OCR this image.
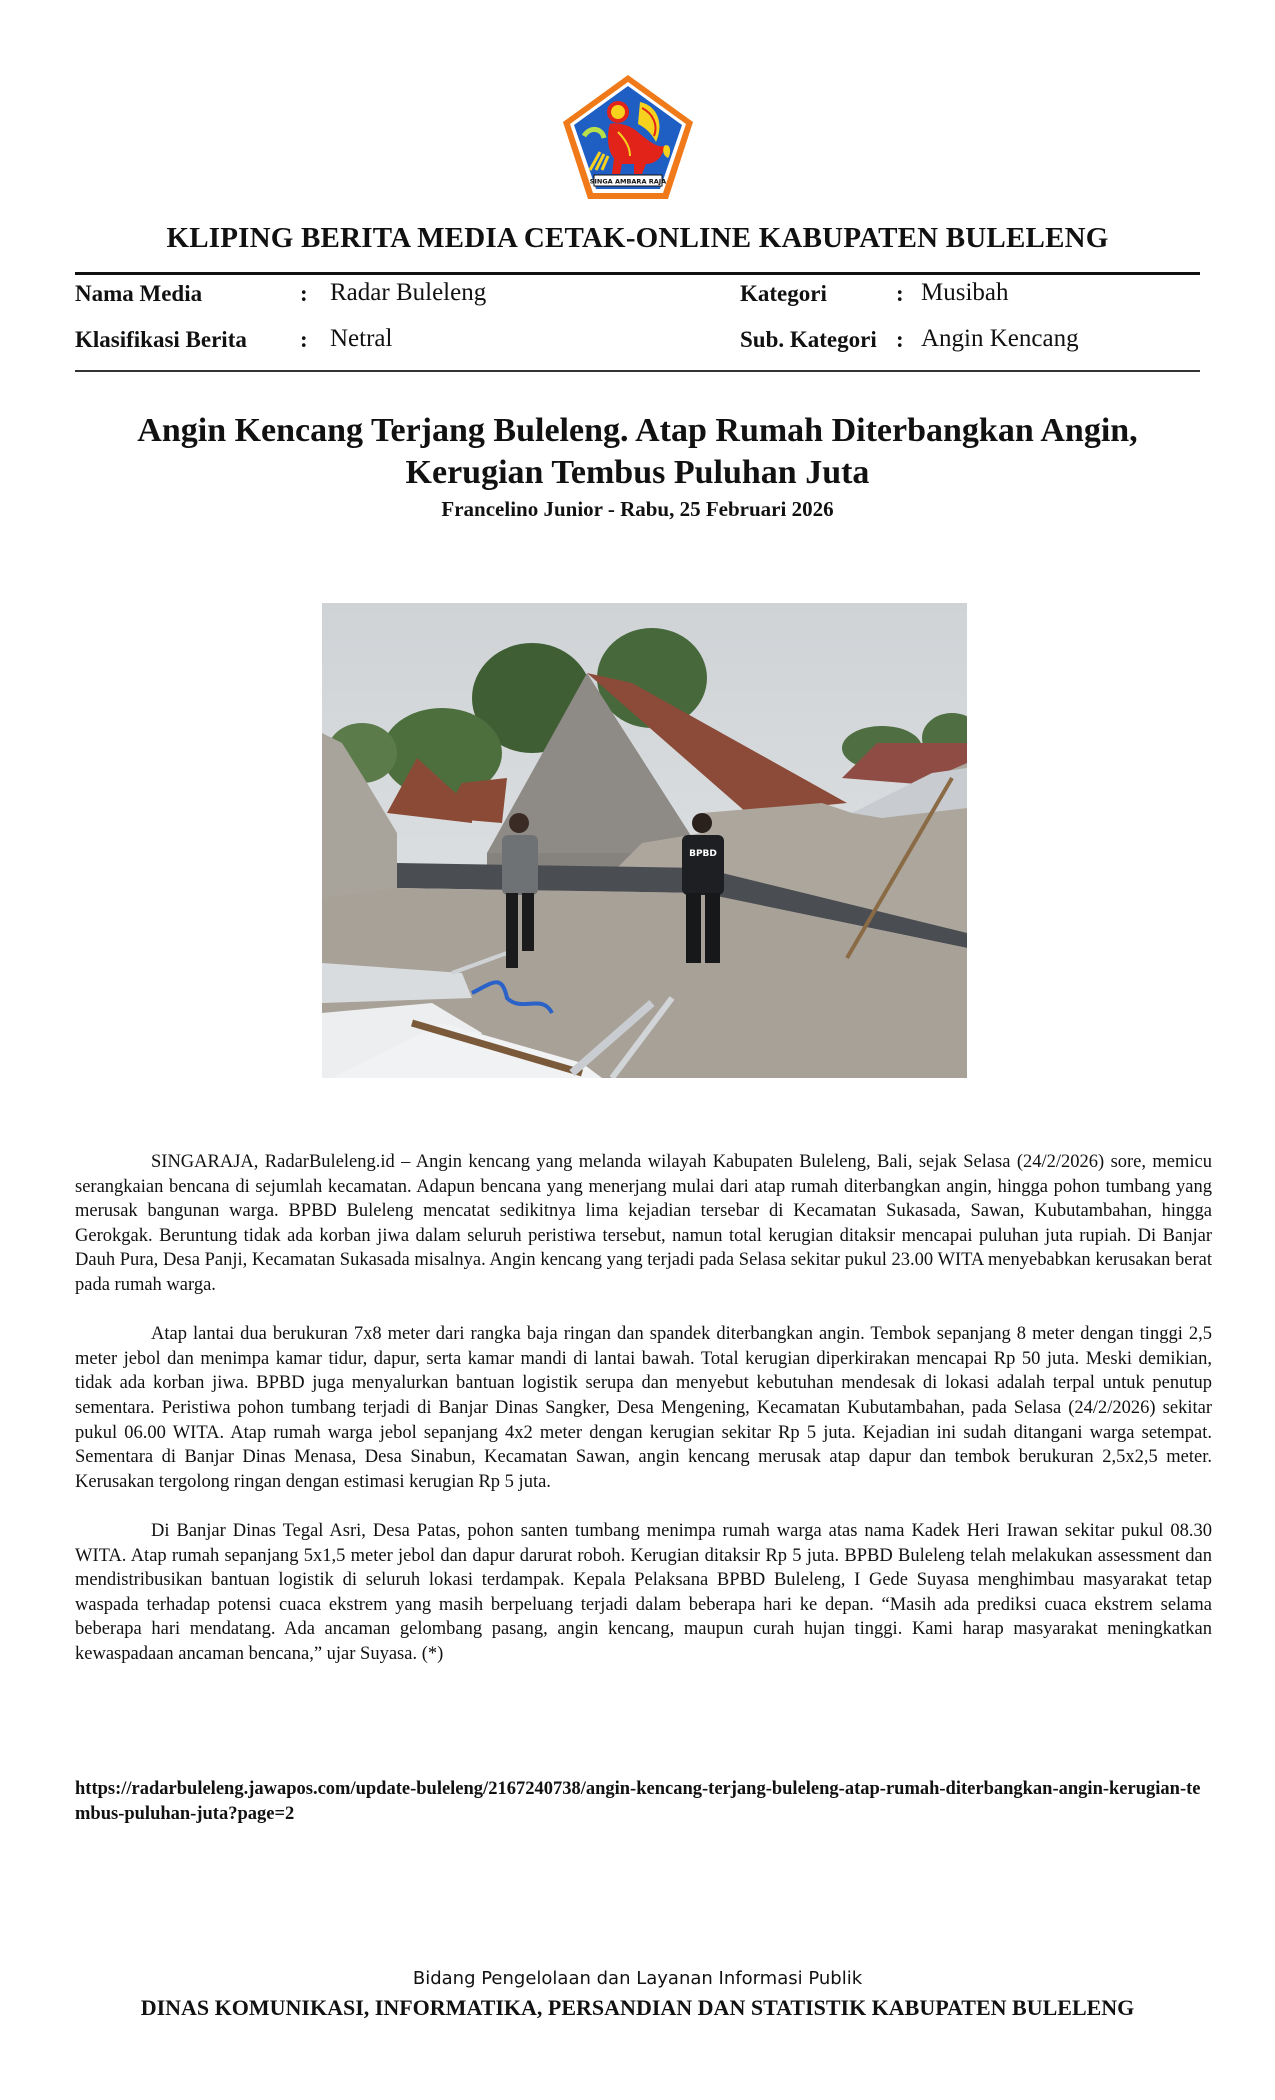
SINGA AMBARA RAJA
KLIPING BERITA MEDIA CETAK-ONLINE KABUPATEN BULELENG
Nama Media	: Radar Buleleng
Klasifikasi Berita : Netral
Kategori	: Musibah
Sub. Kategori : Angin Kencang
Angin Kencang Terjang Buleleng. Atap Rumah Diterbangkan Angin, Kerugian Tembus Puluhan Juta
Francelino Junior - Rabu, 25 Februari 2026
BPBD

SINGARAJA, RadarBuleleng.id – Angin kencang yang melanda wilayah Kabupaten Buleleng, Bali, sejak Selasa (24/2/2026) sore, memicu serangkaian bencana di sejumlah kecamatan. Adapun bencana yang menerjang mulai dari atap rumah diterbangkan angin, hingga pohon tumbang yang merusak bangunan warga. BPBD Buleleng mencatat sedikitnya lima kejadian tersebar di Kecamatan Sukasada, Sawan, Kubutambahan, hingga Gerokgak. Beruntung tidak ada korban jiwa dalam seluruh peristiwa tersebut, namun total kerugian ditaksir mencapai puluhan juta rupiah. Di Banjar Dauh Pura, Desa Panji, Kecamatan Sukasada misalnya. Angin kencang yang terjadi pada Selasa sekitar pukul 23.00 WITA menyebabkan kerusakan berat pada rumah warga.

Atap lantai dua berukuran 7x8 meter dari rangka baja ringan dan spandek diterbangkan angin. Tembok sepanjang 8 meter dengan tinggi 2,5 meter jebol dan menimpa kamar tidur, dapur, serta kamar mandi di lantai bawah. Total kerugian diperkirakan mencapai Rp 50 juta. Meski demikian, tidak ada korban jiwa. BPBD juga menyalurkan bantuan logistik serupa dan menyebut kebutuhan mendesak di lokasi adalah terpal untuk penutup sementara. Peristiwa pohon tumbang terjadi di Banjar Dinas Sangker, Desa Mengening, Kecamatan Kubutambahan, pada Selasa (24/2/2026) sekitar pukul 06.00 WITA. Atap rumah warga jebol sepanjang 4x2 meter dengan kerugian sekitar Rp 5 juta. Kejadian ini sudah ditangani warga setempat. Sementara di Banjar Dinas Menasa, Desa Sinabun, Kecamatan Sawan, angin kencang merusak atap dapur dan tembok berukuran 2,5x2,5 meter. Kerusakan tergolong ringan dengan estimasi kerugian Rp 5 juta.

Di Banjar Dinas Tegal Asri, Desa Patas, pohon santen tumbang menimpa rumah warga atas nama Kadek Heri Irawan sekitar pukul 08.30 WITA. Atap rumah sepanjang 5x1,5 meter jebol dan dapur darurat roboh. Kerugian ditaksir Rp 5 juta. BPBD Buleleng telah melakukan assessment dan mendistribusikan bantuan logistik di seluruh lokasi terdampak. Kepala Pelaksana BPBD Buleleng, I Gede Suyasa menghimbau masyarakat tetap waspada terhadap potensi cuaca ekstrem yang masih berpeluang terjadi dalam beberapa hari ke depan. “Masih ada prediksi cuaca ekstrem selama beberapa hari mendatang. Ada ancaman gelombang pasang, angin kencang, maupun curah hujan tinggi. Kami harap masyarakat meningkatkan kewaspadaan ancaman bencana,” ujar Suyasa. (*)

https://radarbuleleng.jawapos.com/update-buleleng/2167240738/angin-kencang-terjang-buleleng-atap-rumah-diterbangkan-angin-kerugian-tembus-puluhan-juta?page=2
Bidang Pengelolaan dan Layanan Informasi Publik
DINAS KOMUNIKASI, INFORMATIKA, PERSANDIAN DAN STATISTIK KABUPATEN BULELENG
